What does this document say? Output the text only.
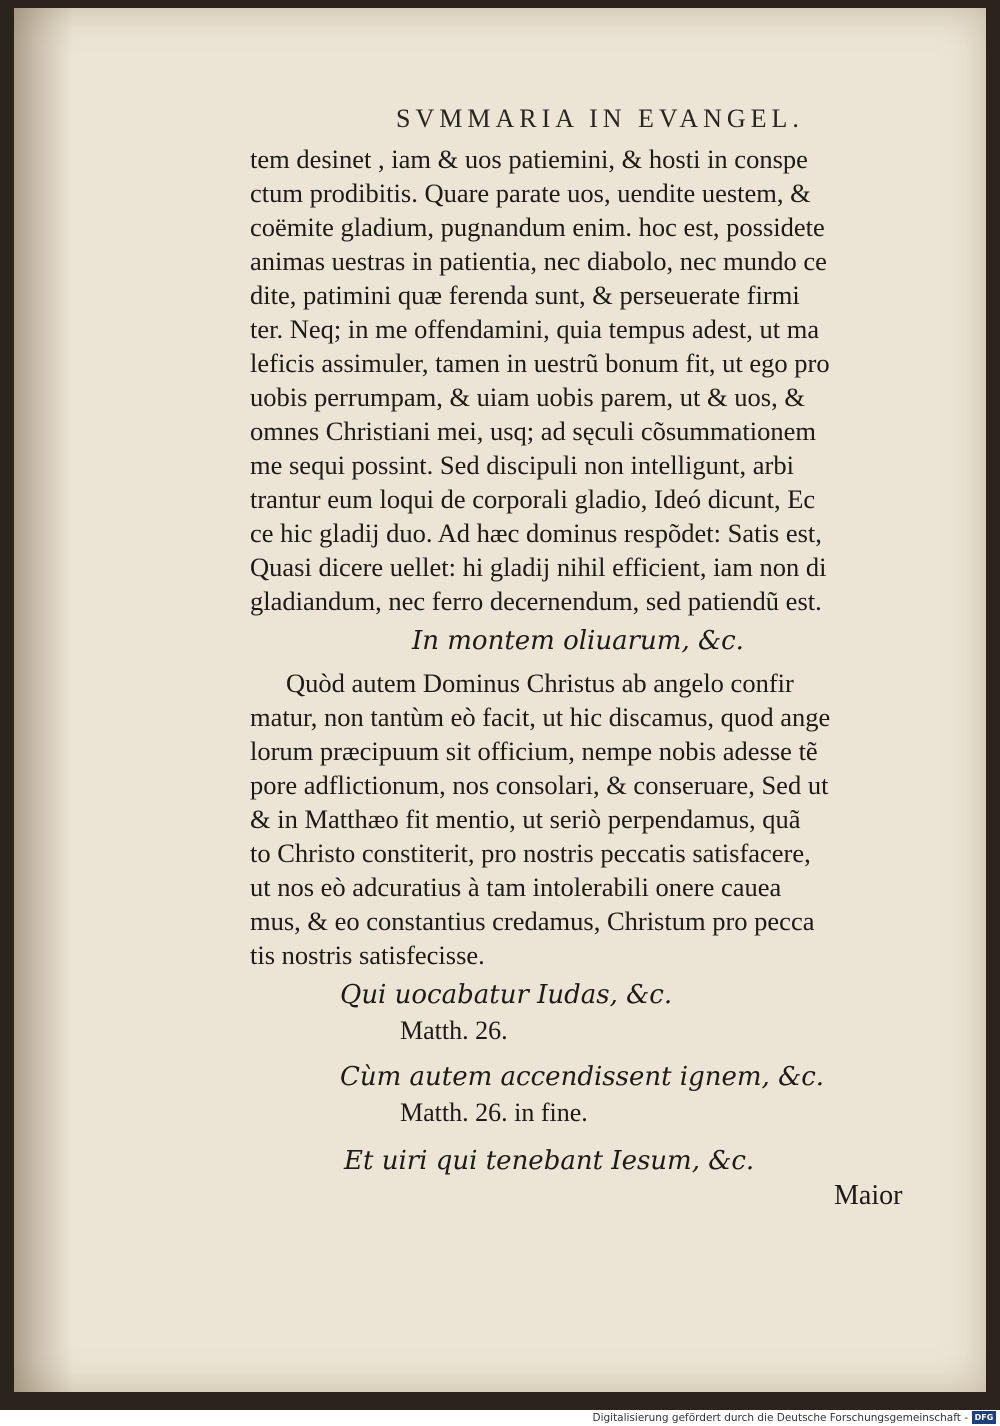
SVMMARIA IN EVANGEL.
tem desinet , iam & uos patiemini, & hosti in conspe
ctum prodibitis. Quare parate uos, uendite uestem, &
coëmite gladium, pugnandum enim. hoc est, possidete
animas uestras in patientia, nec diabolo, nec mundo ce
dite, patimini quæ ferenda sunt, & perseuerate firmi
ter. Neq; in me offendamini, quia tempus adest, ut ma
leficis assimuler, tamen in uestrũ bonum fit, ut ego pro
uobis perrumpam, & uiam uobis parem, ut & uos, &
omnes Christiani mei, usq; ad sęculi cõsummationem
me sequi possint. Sed discipuli non intelligunt, arbi
trantur eum loqui de corporali gladio, Ideó dicunt, Ec
ce hic gladij duo. Ad hæc dominus respõdet: Satis est,
Quasi dicere uellet: hi gladij nihil efficient, iam non di
gladiandum, nec ferro decernendum, sed patiendũ est.
In montem oliuarum, &c.
Quòd autem Dominus Christus ab angelo confir
matur, non tantùm eò facit, ut hic discamus, quod ange
lorum præcipuum sit officium, nempe nobis adesse tẽ
pore adflictionum, nos consolari, & conseruare, Sed ut
& in Matthæo fit mentio, ut seriò perpendamus, quã
to Christo constiterit, pro nostris peccatis satisfacere,
ut nos eò adcuratius à tam intolerabili onere cauea
mus, & eo constantius credamus, Christum pro pecca
tis nostris satisfecisse.
Qui uocabatur Iudas, &c.
Matth. 26.
Cùm autem accendissent ignem, &c.
Matth. 26. in fine.
Et uiri qui tenebant Iesum, &c.
Maior
Digitalisierung gefördert durch die Deutsche Forschungsgemeinschaft - DFG
